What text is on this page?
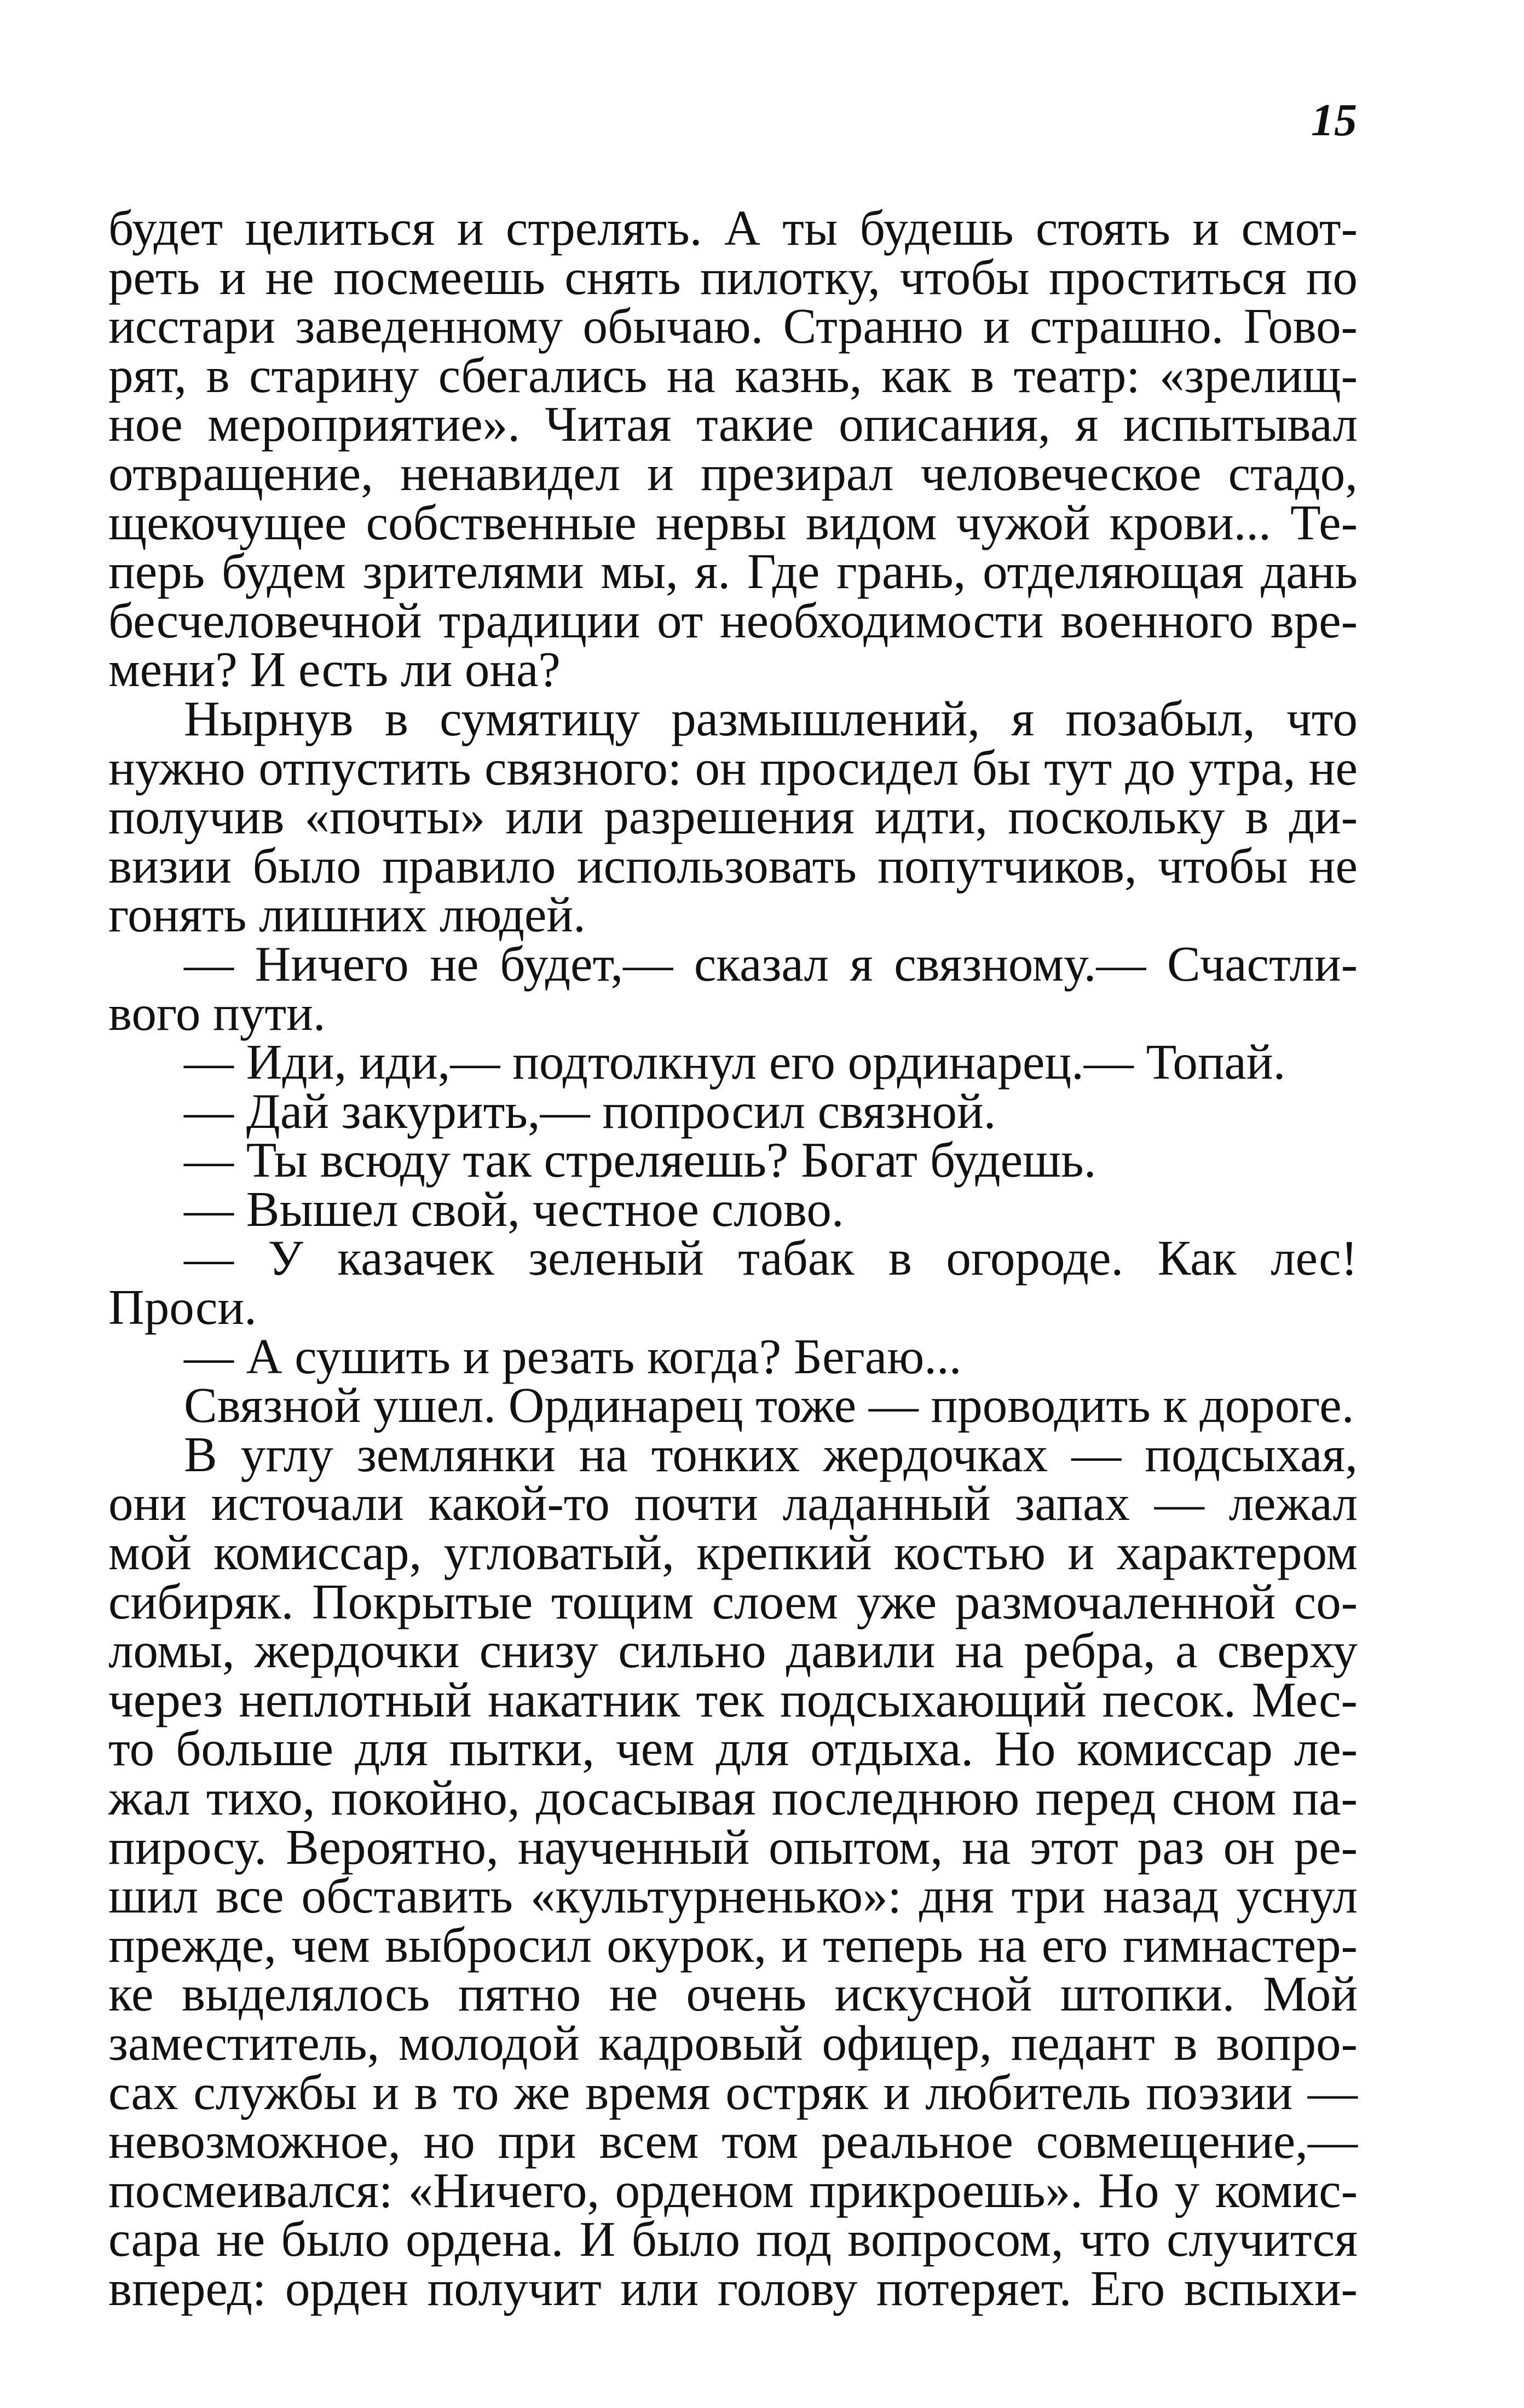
15
будет целиться и стрелять. А ты будешь стоять и смот-
реть и не посмеешь снять пилотку, чтобы проститься по
исстари заведенному обычаю. Странно и страшно. Гово-
рят, в старину сбегались на казнь, как в театр: «зрелищ-
ное мероприятие». Читая такие описания, я испытывал
отвращение, ненавидел и презирал человеческое стадо,
щекочущее собственные нервы видом чужой крови... Те-
перь будем зрителями мы, я. Где грань, отделяющая дань
бесчеловечной традиции от необходимости военного вре-
мени? И есть ли она?
Нырнув в сумятицу размышлений, я позабыл, что
нужно отпустить связного: он просидел бы тут до утра, не
получив «почты» или разрешения идти, поскольку в ди-
визии было правило использовать попутчиков, чтобы не
гонять лишних людей.
— Ничего не будет,— сказал я связному.— Счастли-
вого пути.
— Иди, иди,— подтолкнул его ординарец.— Топай.
— Дай закурить,— попросил связной.
— Ты всюду так стреляешь? Богат будешь.
— Вышел свой, честное слово.
— У казачек зеленый табак в огороде. Как лес!
Проси.
— А сушить и резать когда? Бегаю...
Связной ушел. Ординарец тоже — проводить к дороге.
В углу землянки на тонких жердочках — подсыхая,
они источали какой-то почти ладанный запах — лежал
мой комиссар, угловатый, крепкий костью и характером
сибиряк. Покрытые тощим слоем уже размочаленной со-
ломы, жердочки снизу сильно давили на ребра, а сверху
через неплотный накатник тек подсыхающий песок. Мес-
то больше для пытки, чем для отдыха. Но комиссар ле-
жал тихо, покойно, досасывая последнюю перед сном па-
пиросу. Вероятно, наученный опытом, на этот раз он ре-
шил все обставить «культурненько»: дня три назад уснул
прежде, чем выбросил окурок, и теперь на его гимнастер-
ке выделялось пятно не очень искусной штопки. Мой
заместитель, молодой кадровый офицер, педант в вопро-
сах службы и в то же время остряк и любитель поэзии —
невозможное, но при всем том реальное совмещение,—
посмеивался: «Ничего, орденом прикроешь». Но у комис-
сара не было ордена. И было под вопросом, что случится
вперед: орден получит или голову потеряет. Его вспыхи-
